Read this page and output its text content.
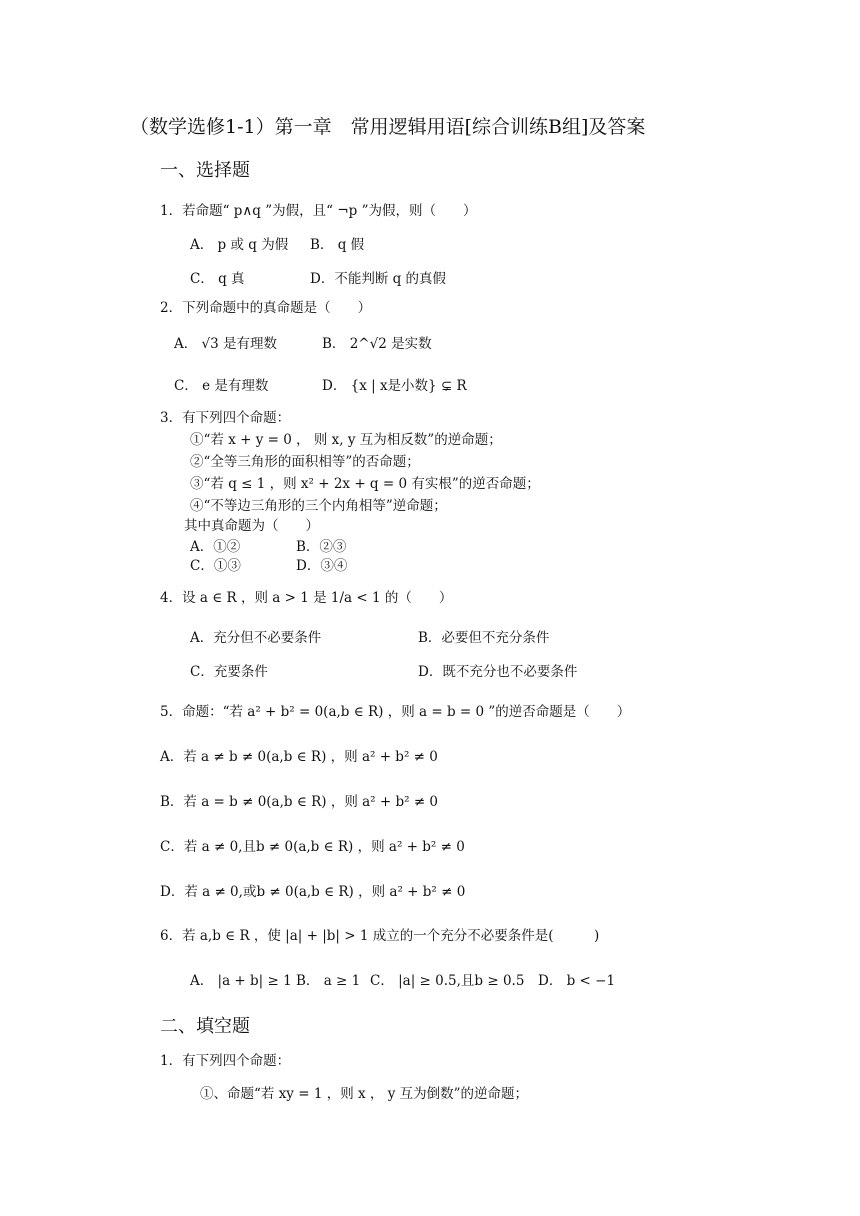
（数学选修1-1）第一章　常用逻辑用语[综合训练B组]及答案
一、选择题
1．若命题“ p∧q ”为假，且“ ¬p ”为假，则（　　）
A． p 或 q 为假 B． q 假
C． q 真	D．不能判断 q 的真假
2．下列命题中的真命题是（　　）
A． √3 是有理数	B． 2^√2 是实数
C． e 是有理数	D． {x | x是小数} ⊊ R
3．有下列四个命题：
①“若 x + y = 0 ， 则 x, y 互为相反数”的逆命题；
②“全等三角形的面积相等”的否命题；
③“若 q ≤ 1 ，则 x² + 2x + q = 0 有实根”的逆否命题；
④“不等边三角形的三个内角相等”逆命题；
其中真命题为（　　）
A．①②	B．②③
C．①③	D．③④
4．设 a ∈ R ，则 a > 1 是 1/a < 1 的（　　）
A．充分但不必要条件	B．必要但不充分条件
C．充要条件	D．既不充分也不必要条件
5．命题：“若 a² + b² = 0(a,b ∈ R) ，则 a = b = 0 ”的逆否命题是（　　）
A．若 a ≠ b ≠ 0(a,b ∈ R) ，则 a² + b² ≠ 0
B．若 a = b ≠ 0(a,b ∈ R) ，则 a² + b² ≠ 0
C．若 a ≠ 0,且b ≠ 0(a,b ∈ R) ，则 a² + b² ≠ 0
D．若 a ≠ 0,或b ≠ 0(a,b ∈ R) ，则 a² + b² ≠ 0
6．若 a,b ∈ R ，使 |a| + |b| > 1 成立的一个充分不必要条件是(　　　)
A． |a + b| ≥ 1 B． a ≥ 1 C． |a| ≥ 0.5,且b ≥ 0.5 D． b < −1
二、填空题
1．有下列四个命题：
①、命题“若 xy = 1 ，则 x ， y 互为倒数”的逆命题；
